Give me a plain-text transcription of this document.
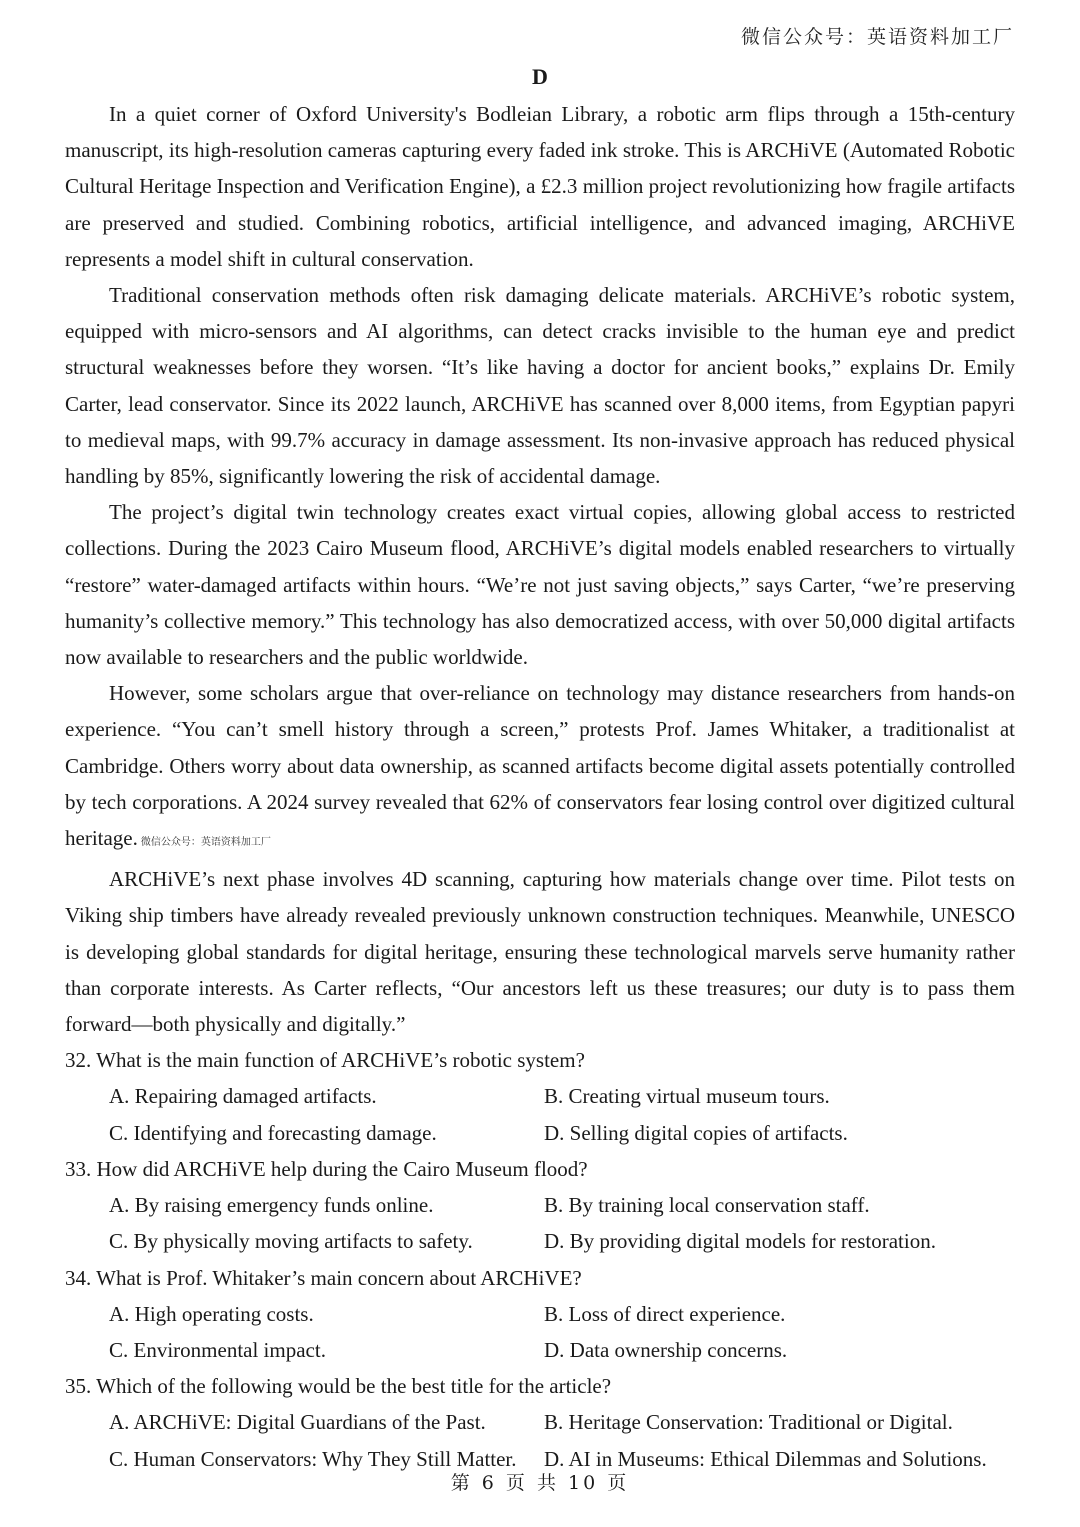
微信公众号：英语资料加工厂
D

In a quiet corner of Oxford University's Bodleian Library, a robotic arm flips through a 15th-century manuscript, its high-resolution cameras capturing every faded ink stroke. This is ARCHiVE (Automated Robotic Cultural Heritage Inspection and Verification Engine), a £2.3 million project revolutionizing how fragile artifacts are preserved and studied. Combining robotics, artificial intelligence, and advanced imaging, ARCHiVE represents a model shift in cultural conservation.

Traditional conservation methods often risk damaging delicate materials. ARCHiVE’s robotic system, equipped with micro-sensors and AI algorithms, can detect cracks invisible to the human eye and predict structural weaknesses before they worsen. “It’s like having a doctor for ancient books,” explains Dr. Emily Carter, lead conservator. Since its 2022 launch, ARCHiVE has scanned over 8,000 items, from Egyptian papyri to medieval maps, with 99.7% accuracy in damage assessment. Its non-invasive approach has reduced physical handling by 85%, significantly lowering the risk of accidental damage.

The project’s digital twin technology creates exact virtual copies, allowing global access to restricted collections. During the 2023 Cairo Museum flood, ARCHiVE’s digital models enabled researchers to virtually “restore” water-damaged artifacts within hours. “We’re not just saving objects,” says Carter, “we’re preserving humanity’s collective memory.” This technology has also democratized access, with over 50,000 digital artifacts now available to researchers and the public worldwide.

However, some scholars argue that over-reliance on technology may distance researchers from hands-on experience. “You can’t smell history through a screen,” protests Prof. James Whitaker, a traditionalist at Cambridge. Others worry about data ownership, as scanned artifacts become digital assets potentially controlled by tech corporations. A 2024 survey revealed that 62% of conservators fear losing control over digitized cultural heritage. 微信公众号：英语资料加工厂

ARCHiVE’s next phase involves 4D scanning, capturing how materials change over time. Pilot tests on Viking ship timbers have already revealed previously unknown construction techniques. Meanwhile, UNESCO is developing global standards for digital heritage, ensuring these technological marvels serve humanity rather than corporate interests. As Carter reflects, “Our ancestors left us these treasures; our duty is to pass them forward—both physically and digitally.”

32. What is the main function of ARCHiVE’s robotic system?

A. Repairing damaged artifacts.	B. Creating virtual museum tours.
C. Identifying and forecasting damage.	D. Selling digital copies of artifacts.

33. How did ARCHiVE help during the Cairo Museum flood?

A. By raising emergency funds online.	B. By training local conservation staff.
C. By physically moving artifacts to safety.	D. By providing digital models for restoration.

34. What is Prof. Whitaker’s main concern about ARCHiVE?

A. High operating costs.	B. Loss of direct experience.
C. Environmental impact.	D. Data ownership concerns.

35. Which of the following would be the best title for the article?

A. ARCHiVE: Digital Guardians of the Past.	B. Heritage Conservation: Traditional or Digital.
C. Human Conservators: Why They Still Matter.	D. AI in Museums: Ethical Dilemmas and Solutions.
第 6 页 共 10 页
